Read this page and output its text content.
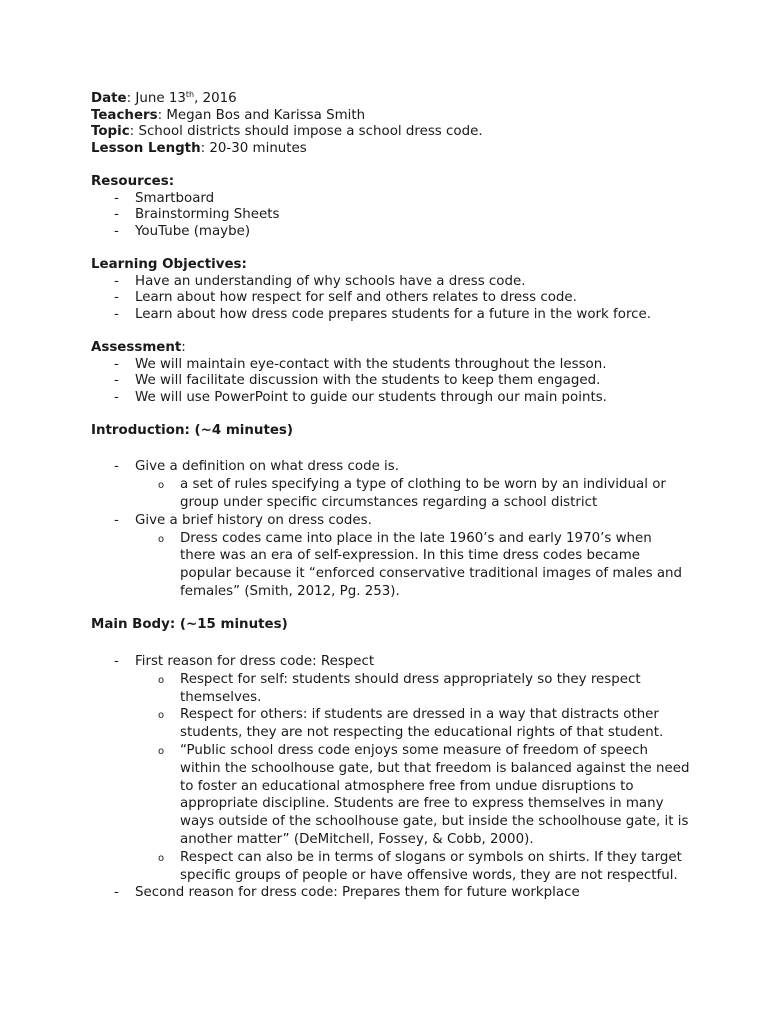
Date: June 13th, 2016
Teachers: Megan Bos and Karissa Smith
Topic: School districts should impose a school dress code.
Lesson Length: 20-30 minutes
Resources:
- Smartboard
- Brainstorming Sheets
- YouTube (maybe)
Learning Objectives:
- Have an understanding of why schools have a dress code.
- Learn about how respect for self and others relates to dress code.
- Learn about how dress code prepares students for a future in the work force.
Assessment:
- We will maintain eye-contact with the students throughout the lesson.
- We will facilitate discussion with the students to keep them engaged.
- We will use PowerPoint to guide our students through our main points.
Introduction: (~4 minutes)
- Give a definition on what dress code is.
o a set of rules specifying a type of clothing to be worn by an individual or group under specific circumstances regarding a school district
- Give a brief history on dress codes.
o Dress codes came into place in the late 1960’s and early 1970’s when there was an era of self-expression. In this time dress codes became popular because it “enforced conservative traditional images of males and females” (Smith, 2012, Pg. 253).
Main Body: (~15 minutes)
- First reason for dress code: Respect
o Respect for self: students should dress appropriately so they respect themselves.
o Respect for others: if students are dressed in a way that distracts other students, they are not respecting the educational rights of that student.
o “Public school dress code enjoys some measure of freedom of speech within the schoolhouse gate, but that freedom is balanced against the need to foster an educational atmosphere free from undue disruptions to appropriate discipline. Students are free to express themselves in many ways outside of the schoolhouse gate, but inside the schoolhouse gate, it is another matter” (DeMitchell, Fossey, & Cobb, 2000).
o Respect can also be in terms of slogans or symbols on shirts. If they target specific groups of people or have offensive words, they are not respectful.
- Second reason for dress code: Prepares them for future workplace
